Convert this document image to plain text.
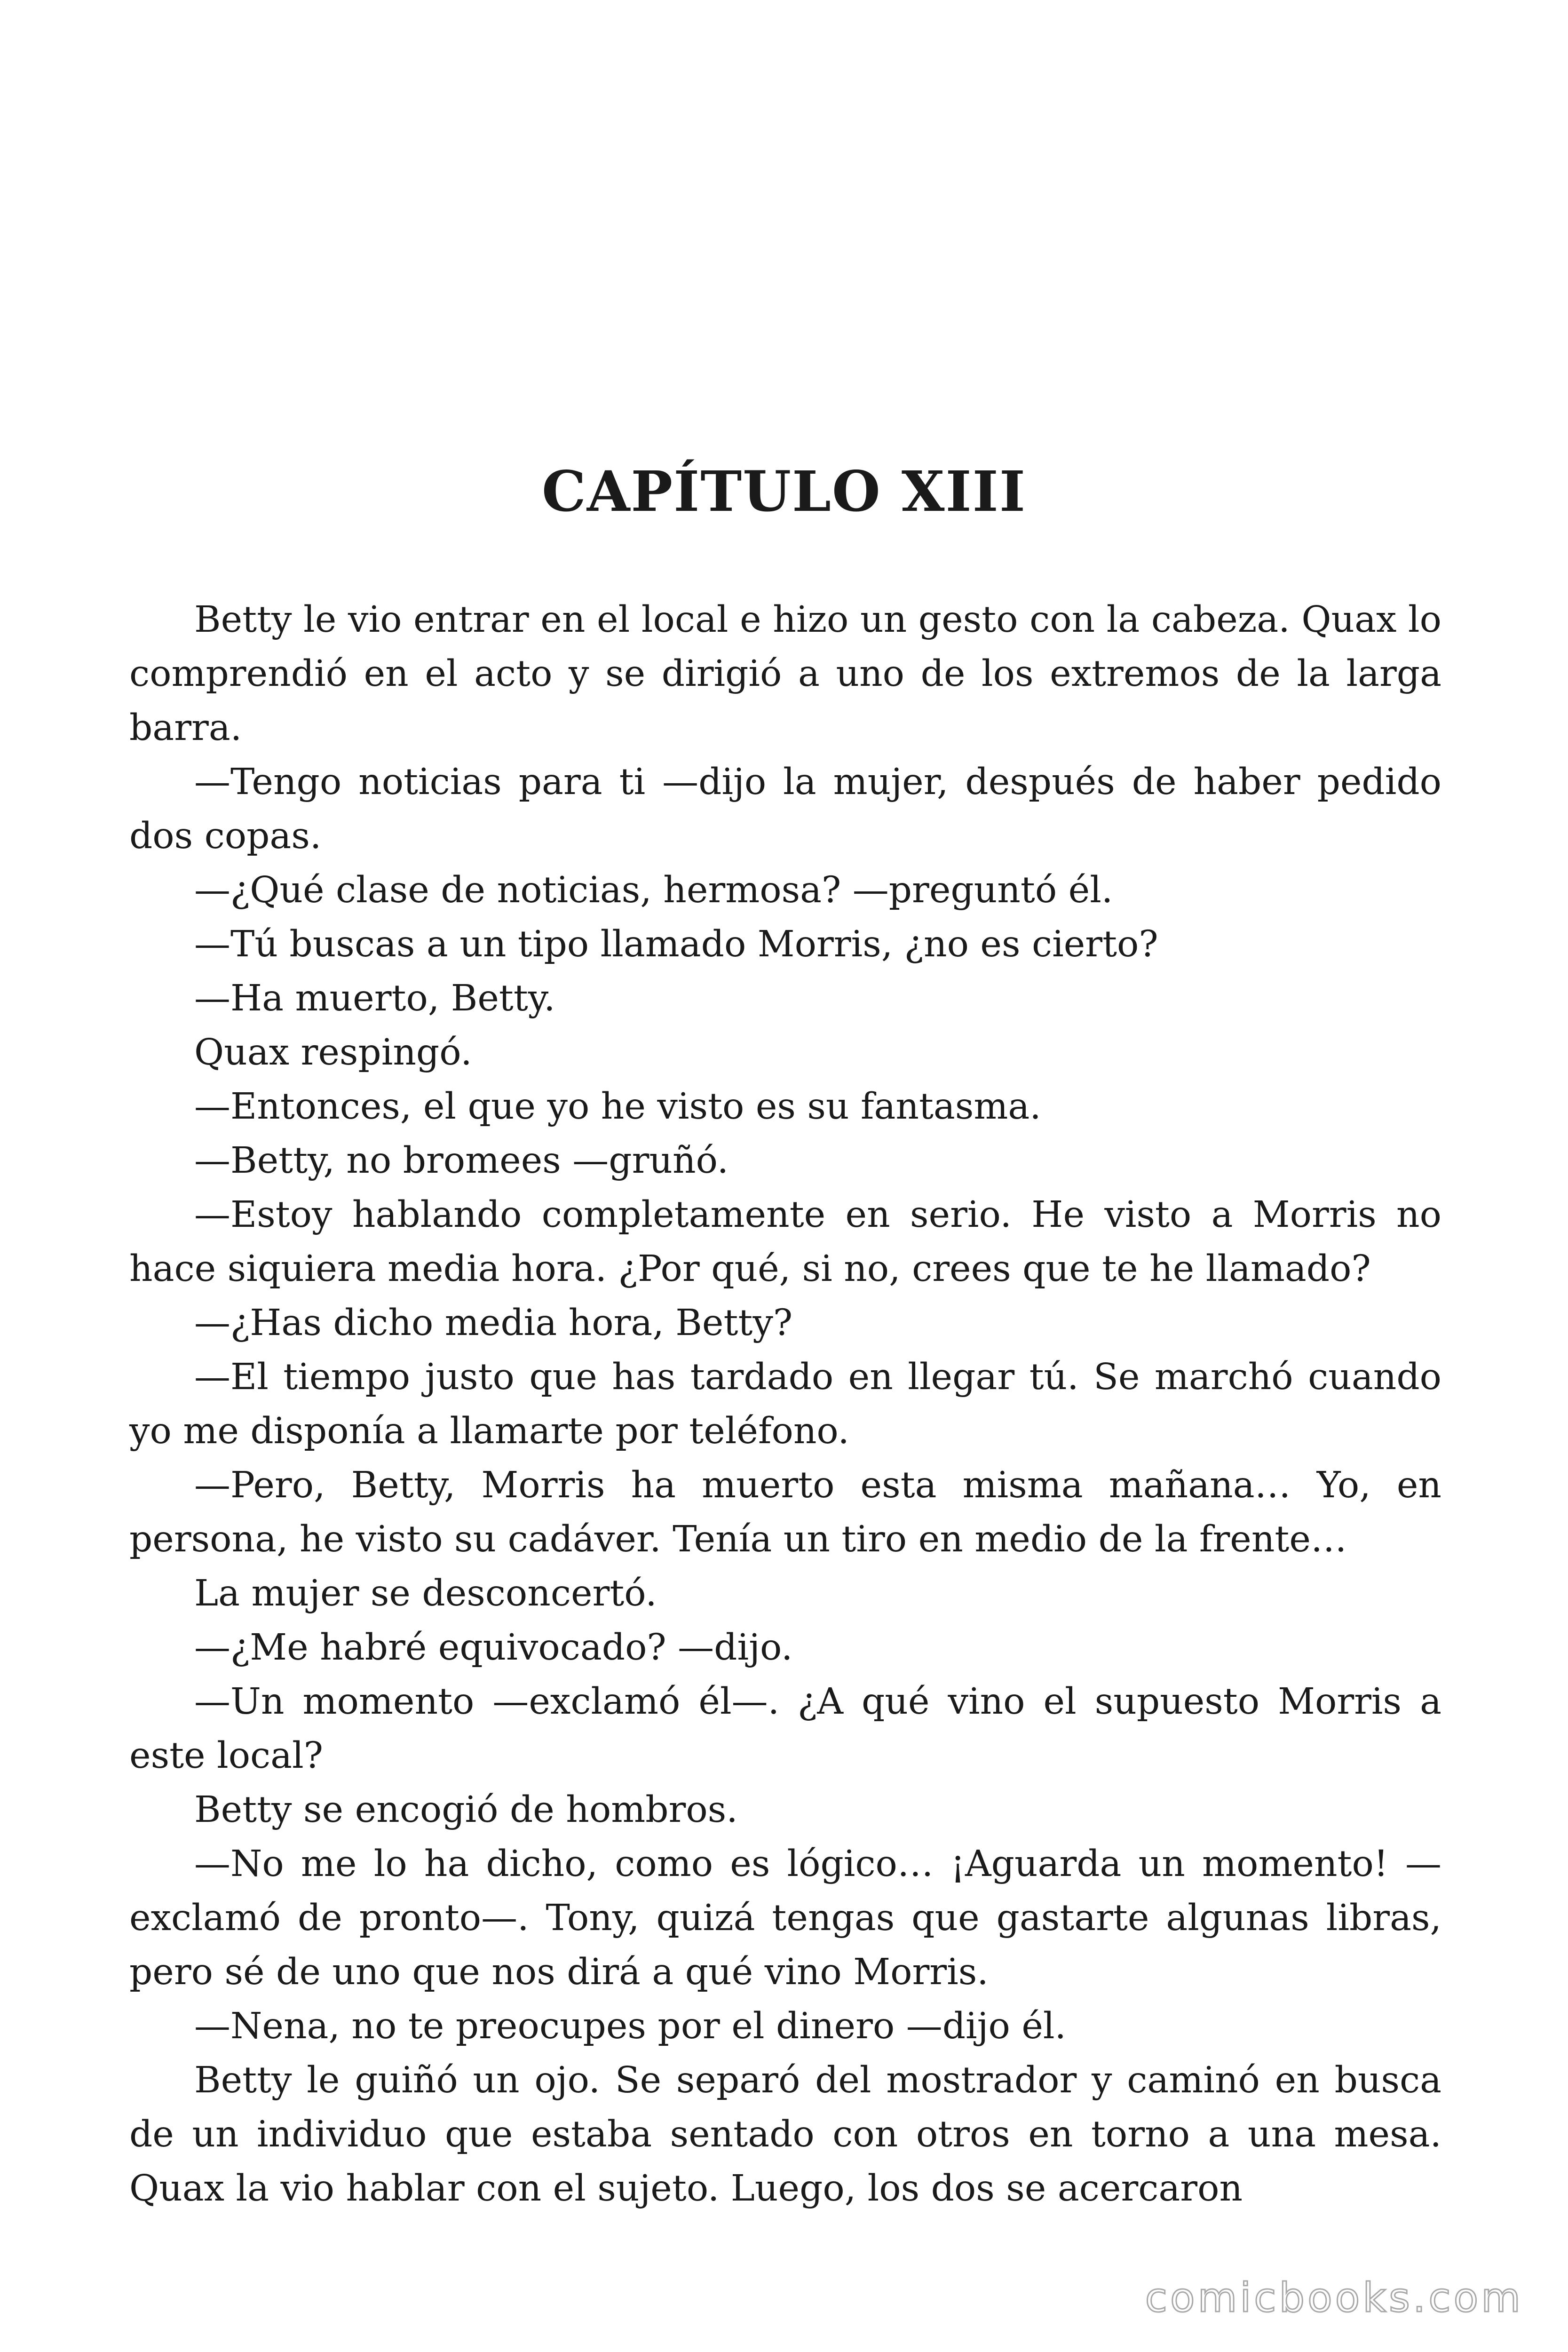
CAPÍTULO XIII

Betty le vio entrar en el local e hizo un gesto con la cabeza. Quax lo comprendió en el acto y se dirigió a uno de los extremos de la larga barra.

—Tengo noticias para ti —dijo la mujer, después de haber pedido dos copas.

—¿Qué clase de noticias, hermosa? —preguntó él.

—Tú buscas a un tipo llamado Morris, ¿no es cierto?

—Ha muerto, Betty.

Quax respingó.

—Entonces, el que yo he visto es su fantasma.

—Betty, no bromees —gruñó.

—Estoy hablando completamente en serio. He visto a Morris no hace siquiera media hora. ¿Por qué, si no, crees que te he llamado?

—¿Has dicho media hora, Betty?

—El tiempo justo que has tardado en llegar tú. Se marchó cuando yo me disponía a llamarte por teléfono.

—Pero, Betty, Morris ha muerto esta misma mañana… Yo, en persona, he visto su cadáver. Tenía un tiro en medio de la frente…

La mujer se desconcertó.

—¿Me habré equivocado? —dijo.

—Un momento —exclamó él—. ¿A qué vino el supuesto Morris a este local?

Betty se encogió de hombros.

—No me lo ha dicho, como es lógico… ¡Aguarda un momento! —exclamó de pronto—. Tony, quizá tengas que gastarte algunas libras, pero sé de uno que nos dirá a qué vino Morris.

—Nena, no te preocupes por el dinero —dijo él.

Betty le guiñó un ojo. Se separó del mostrador y caminó en busca de un individuo que estaba sentado con otros en torno a una mesa. Quax la vio hablar con el sujeto. Luego, los dos se acercaron

comicbooks.com
